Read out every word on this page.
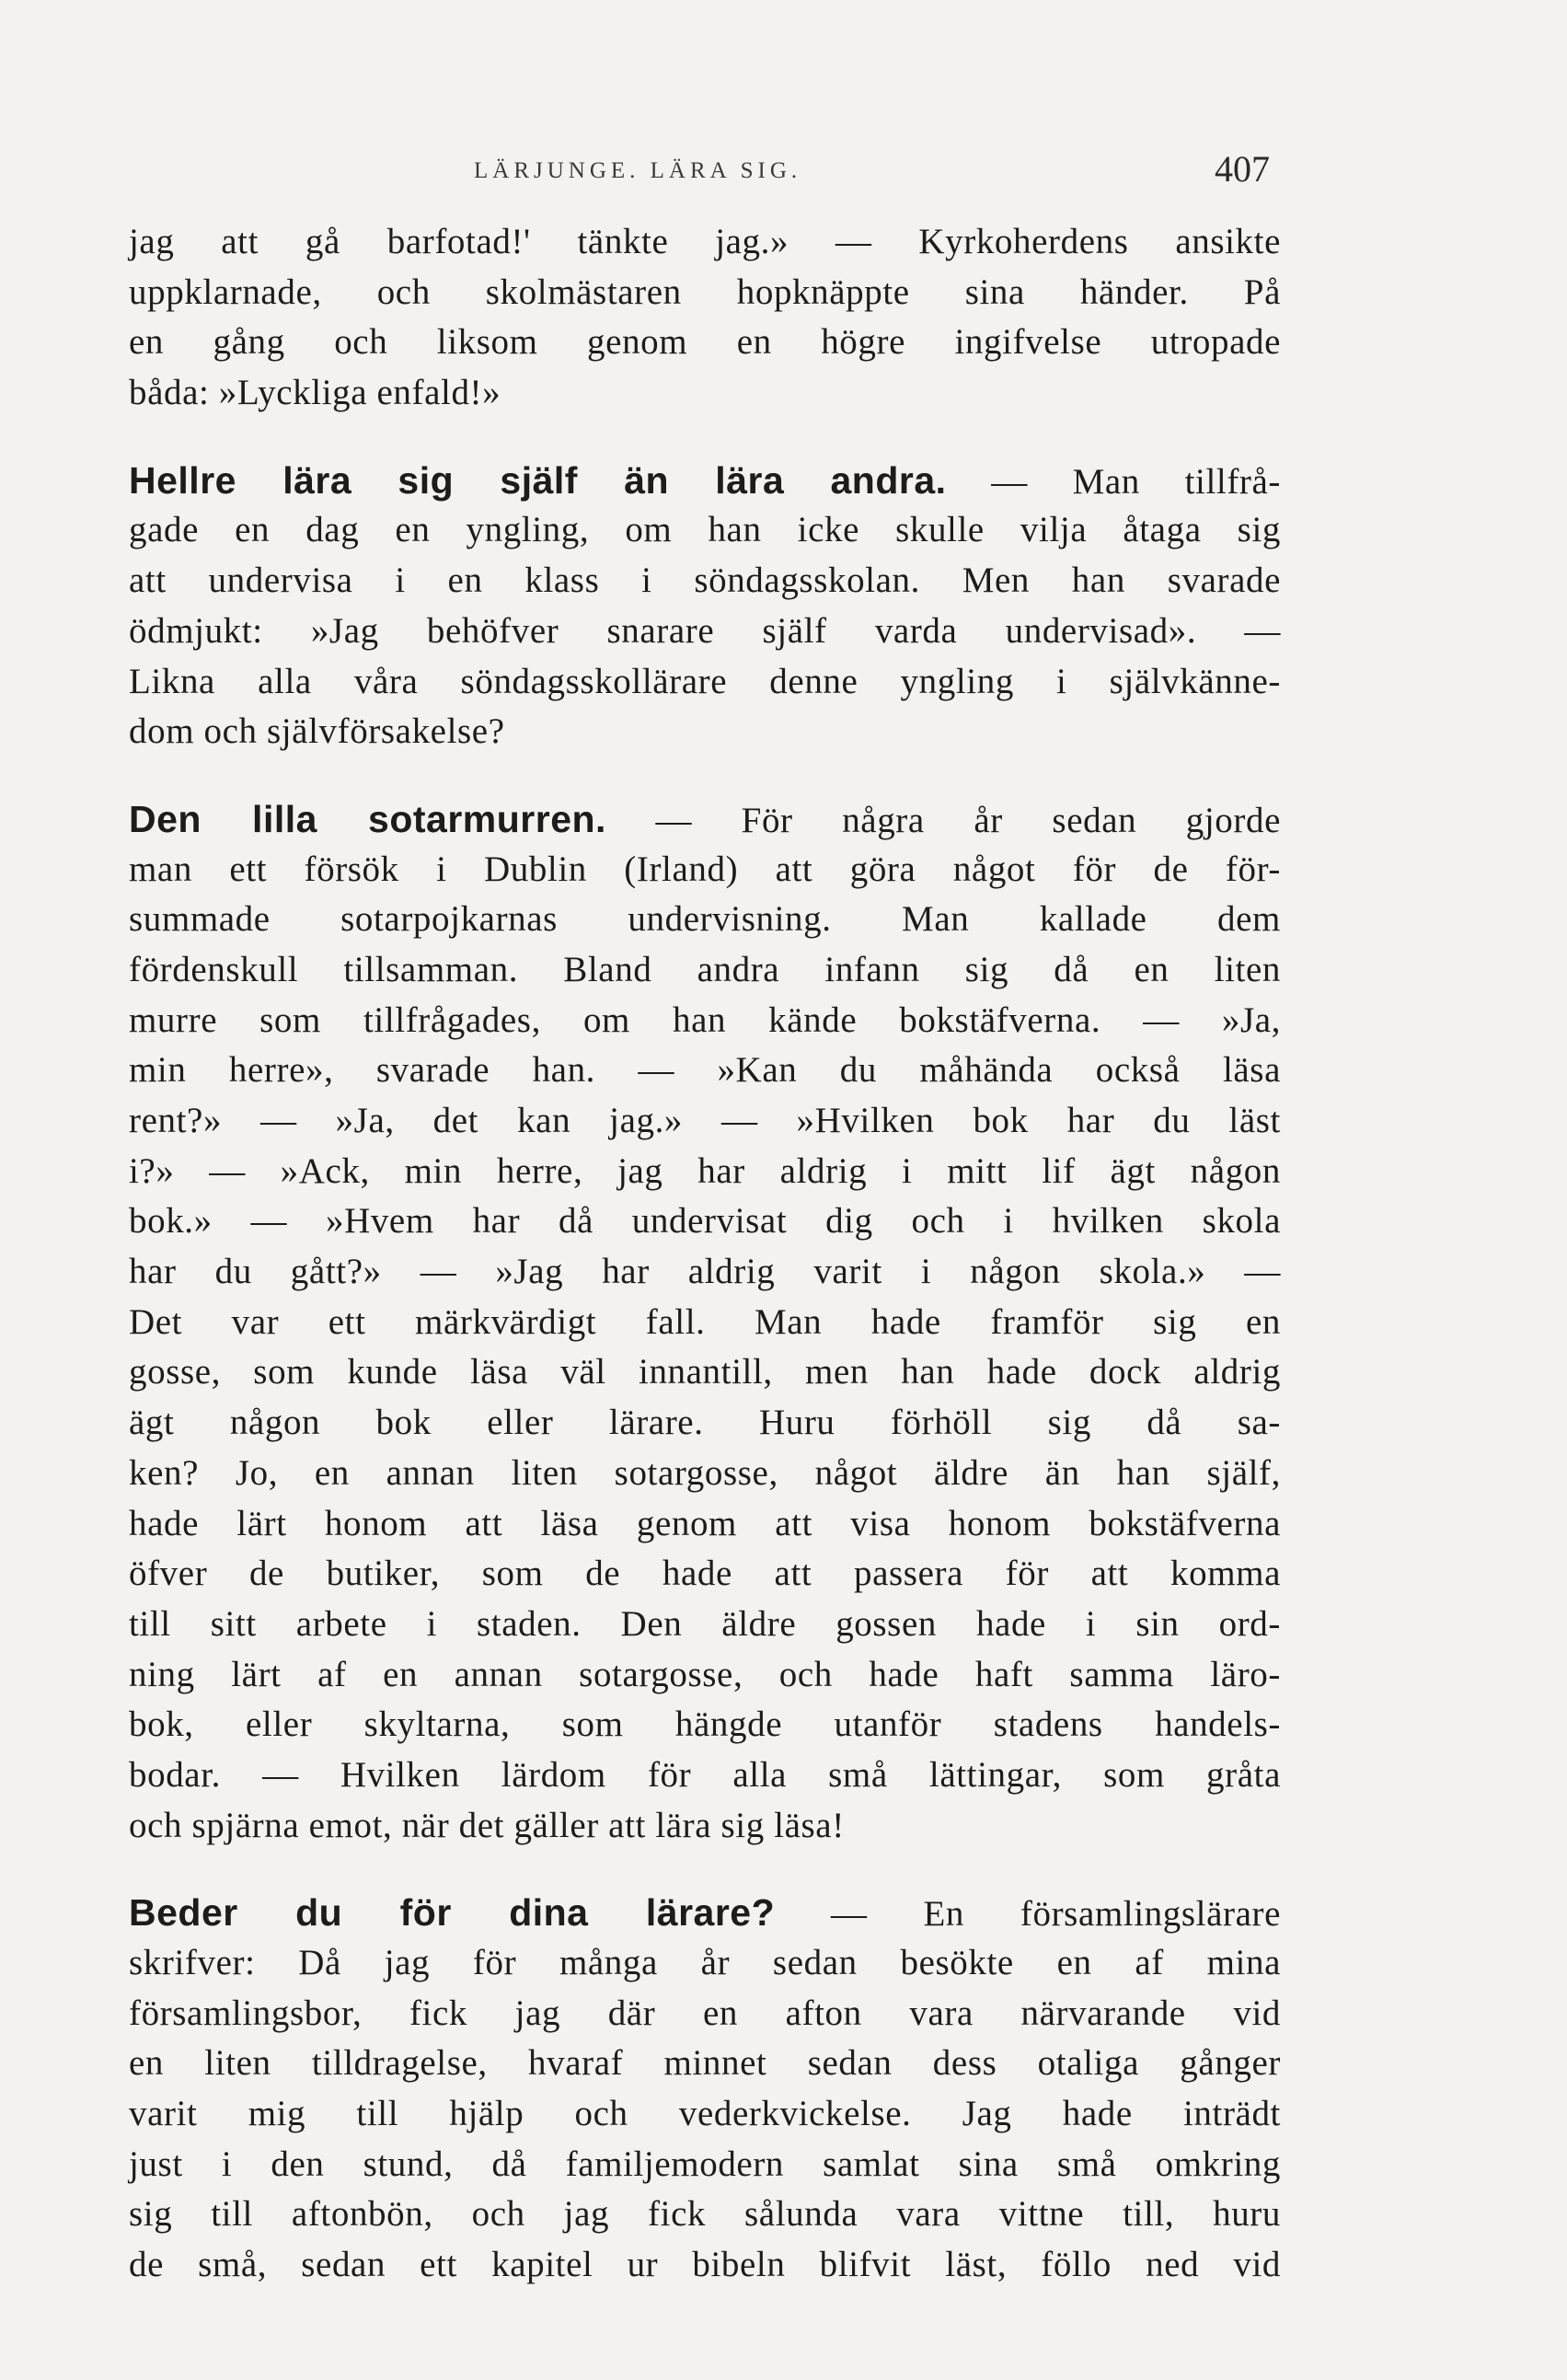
LÄRJUNGE. LÄRA SIG.	407
jag att gå barfotad!' tänkte jag.» — Kyrkoherdens ansikte
uppklarnade, och skolmästaren hopknäppte sina händer. På
en gång och liksom genom en högre ingifvelse utropade
båda: »Lyckliga enfald!»
Hellre lära sig själf än lära andra. — Man tillfrå-
gade en dag en yngling, om han icke skulle vilja åtaga sig
att undervisa i en klass i söndagsskolan. Men han svarade
ödmjukt: »Jag behöfver snarare själf varda undervisad». —
Likna alla våra söndagsskollärare denne yngling i självkänne-
dom och självförsakelse?
Den lilla sotarmurren. — För några år sedan gjorde
man ett försök i Dublin (Irland) att göra något för de för-
summade sotarpojkarnas undervisning. Man kallade dem
fördenskull tillsamman. Bland andra infann sig då en liten
murre som tillfrågades, om han kände bokstäfverna. — »Ja,
min herre», svarade han. — »Kan du måhända också läsa
rent?» — »Ja, det kan jag.» — »Hvilken bok har du läst
i?» — »Ack, min herre, jag har aldrig i mitt lif ägt någon
bok.» — »Hvem har då undervisat dig och i hvilken skola
har du gått?» — »Jag har aldrig varit i någon skola.» —
Det var ett märkvärdigt fall. Man hade framför sig en
gosse, som kunde läsa väl innantill, men han hade dock aldrig
ägt någon bok eller lärare. Huru förhöll sig då sa-
ken? Jo, en annan liten sotargosse, något äldre än han själf,
hade lärt honom att läsa genom att visa honom bokstäfverna
öfver de butiker, som de hade att passera för att komma
till sitt arbete i staden. Den äldre gossen hade i sin ord-
ning lärt af en annan sotargosse, och hade haft samma läro-
bok, eller skyltarna, som hängde utanför stadens handels-
bodar. — Hvilken lärdom för alla små lättingar, som gråta
och spjärna emot, när det gäller att lära sig läsa!
Beder du för dina lärare? — En församlingslärare
skrifver: Då jag för många år sedan besökte en af mina
församlingsbor, fick jag där en afton vara närvarande vid
en liten tilldragelse, hvaraf minnet sedan dess otaliga gånger
varit mig till hjälp och vederkvickelse. Jag hade inträdt
just i den stund, då familjemodern samlat sina små omkring
sig till aftonbön, och jag fick sålunda vara vittne till, huru
de små, sedan ett kapitel ur bibeln blifvit läst, föllo ned vid
